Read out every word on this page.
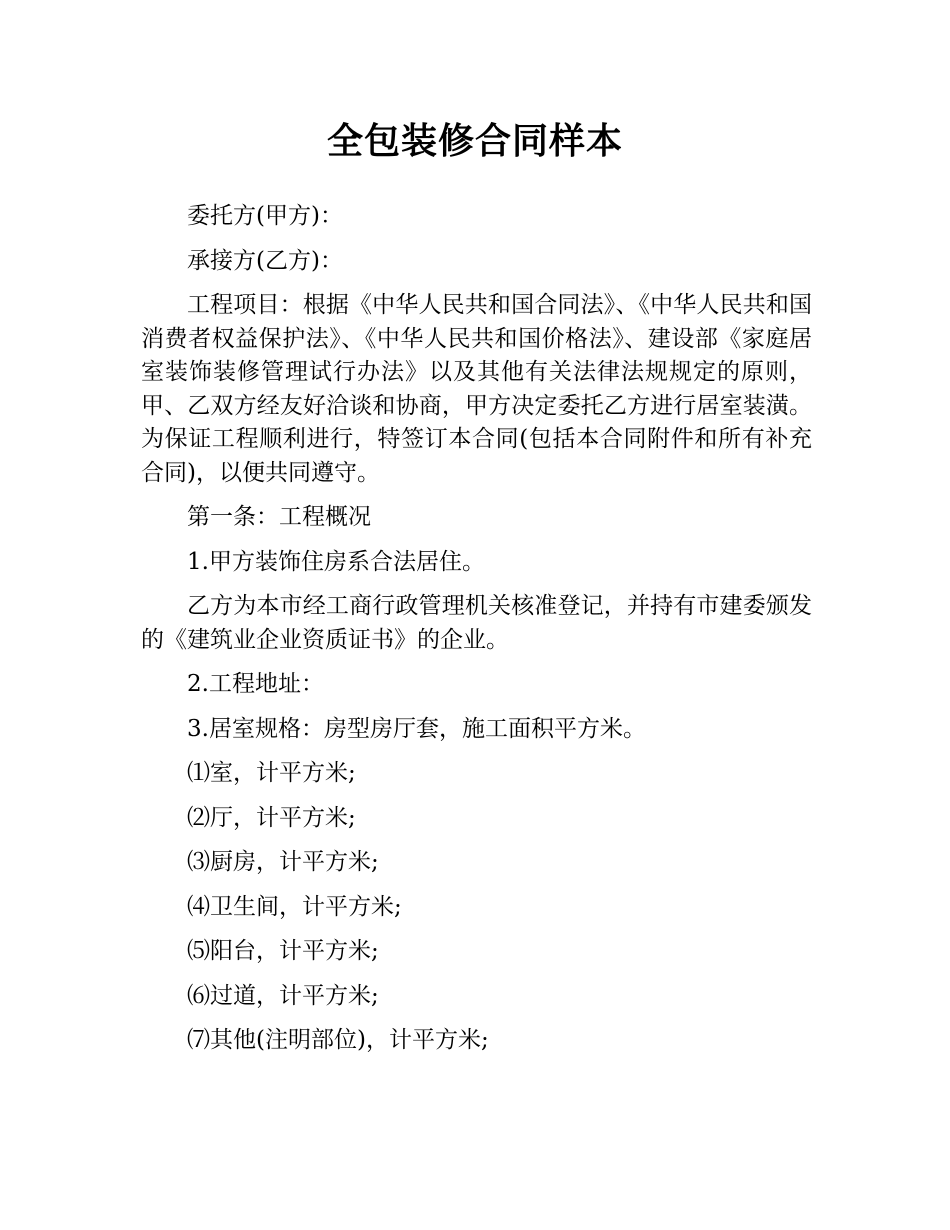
全包装修合同样本

委托方(甲方)：

承接方(乙方)：

工程项目：根据《中华人民共和国合同法》、《中华人民共和国消费者权益保护法》、《中华人民共和国价格法》、建设部《家庭居室装饰装修管理试行办法》以及其他有关法律法规规定的原则，甲、乙双方经友好洽谈和协商，甲方决定委托乙方进行居室装潢。为保证工程顺利进行，特签订本合同(包括本合同附件和所有补充合同)，以便共同遵守。

第一条：工程概况

1.甲方装饰住房系合法居住。

乙方为本市经工商行政管理机关核准登记，并持有市建委颁发的《建筑业企业资质证书》的企业。

2.工程地址：

3.居室规格：房型房厅套，施工面积平方米。

⑴室，计平方米;

⑵厅，计平方米;

⑶厨房，计平方米;

⑷卫生间，计平方米;

⑸阳台，计平方米;

⑹过道，计平方米;

⑺其他(注明部位)，计平方米;
